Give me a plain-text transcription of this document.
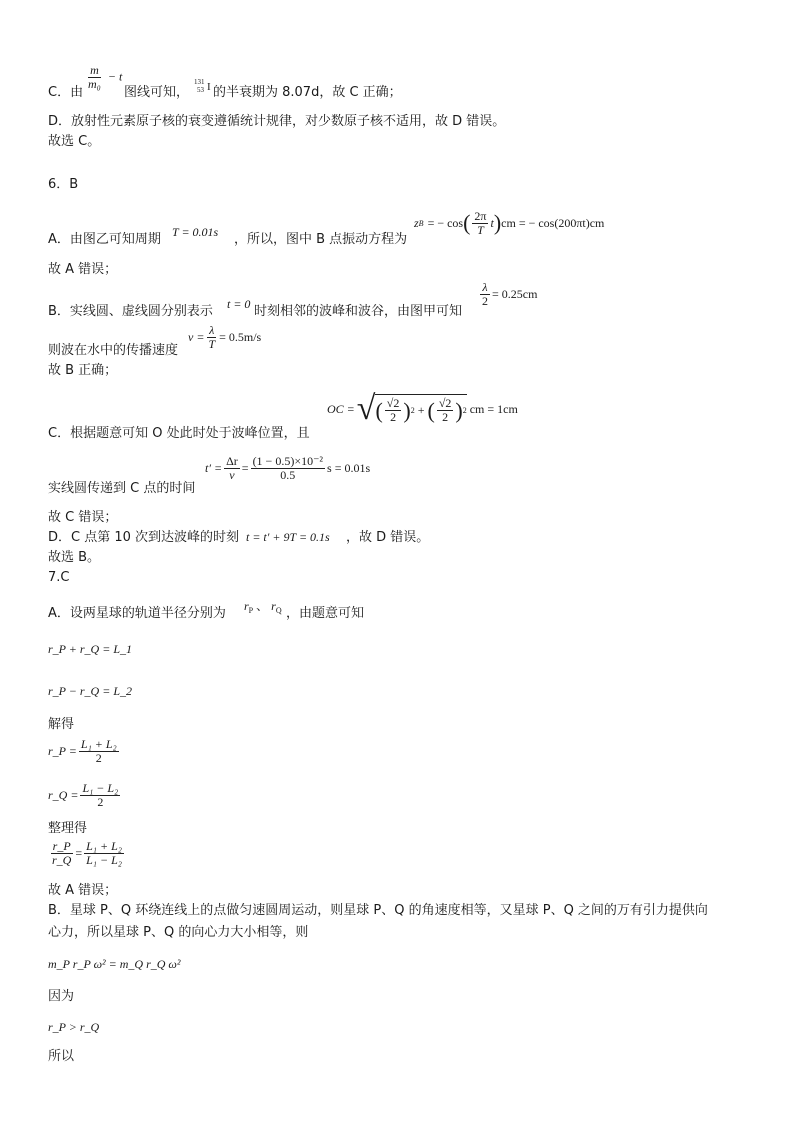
C．由
$\frac{m}{\text{m₀}} - t$
图线可知，
131
53 I 的半衰期为 8.07d，故 C 正确；
D．放射性元素原子核的衰变遵循统计规律，对少数原子核不适用，故 D 错误。
故选 C。
6．B
A．由图乙可知周期 T = 0.01s ，所以，图中 B 点振动方程为
z B = − cos ( $\frac{2\pi}{T}$ t ) cm = − cos(200πt)cm
故 A 错误；
B．实线圆、虚线圆分别表示 t = 0 时刻相邻的波峰和波谷，由图甲可知
$\frac{\lambda}{2} = 0.25cm$
则波在水中的传播速度
$v = \frac{\lambda}{T} = 0.5m/s$
故 B 正确；
C．根据题意可知 O 处此时处于波峰位置，且
OC = √ ( $\frac{√2}{2}$ ) 2 + ( $\frac{√2}{2}$ ) 2 cm = 1cm
实线圆传递到 C 点的时间
$t' = \frac{\Delta r}{v} = \frac{\text{(1 − 0.5)×10⁻²}}{0.5}$ s = 0.01s
故 C 错误；
D．C 点第 10 次到达波峰的时刻 t = t′ + 9T = 0.1s ，故 D 错误。
故选 B。
7.C
A．设两星球的轨道半径分别为 $r_P$ 、 $r_Q$ ，由题意可知
r_P + r_Q = L_1
r_P − r_Q = L_2
解得
r_P = $\frac{\text{L₁ + L₂}}{2}$
r_Q = $\frac{\text{L₁ − L₂}}{2}$
整理得
$\frac{r\_P}{r\_Q} = \frac{\text{L₁ + L₂}}{\text{L₁ − L₂}}$
故 A 错误；
B．星球 P、Q 环绕连线上的点做匀速圆周运动，则星球 P、Q 的角速度相等，又星球 P、Q 之间的万有引力提供向
心力，所以星球 P、Q 的向心力大小相等，则
m_P r_P ω² = m_Q r_Q ω²
因为
r_P > r_Q
所以
